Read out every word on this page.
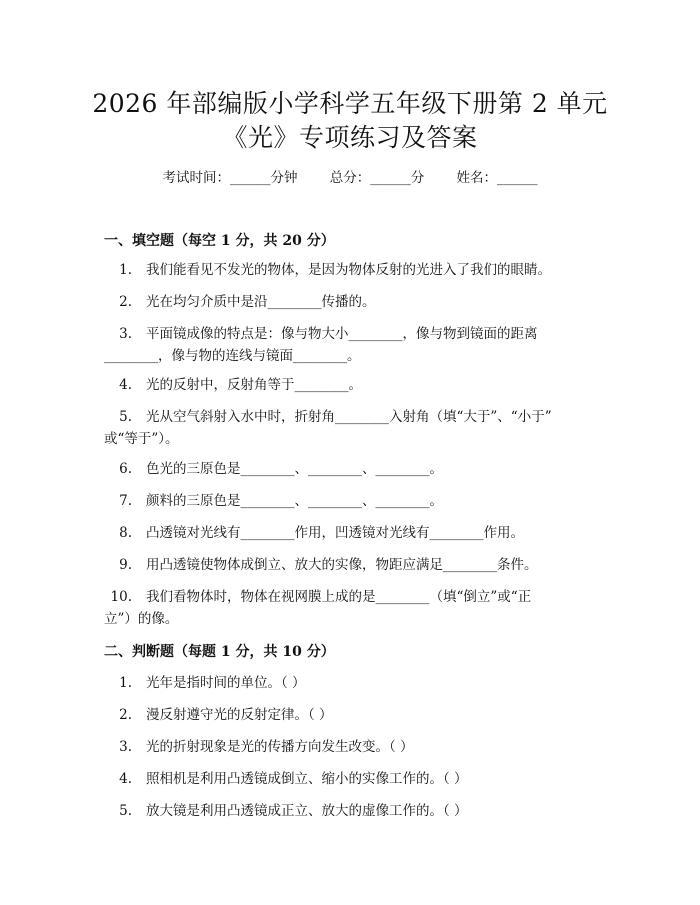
2026 年部编版小学科学五年级下册第 2 单元
《光》专项练习及答案
考试时间：______分钟 总分：______分 姓名：______
一、填空题（每空 1 分，共 20 分）
1. 我们能看见不发光的物体，是因为物体反射的光进入了我们的眼睛。
2. 光在均匀介质中是沿________传播的。
3. 平面镜成像的特点是：像与物大小________，像与物到镜面的距离
________，像与物的连线与镜面________。
4. 光的反射中，反射角等于________。
5. 光从空气斜射入水中时，折射角________入射角（填“大于”、“小于”
或“等于”）。
6. 色光的三原色是________、________、________。
7. 颜料的三原色是________、________、________。
8. 凸透镜对光线有________作用，凹透镜对光线有________作用。
9. 用凸透镜使物体成倒立、放大的实像，物距应满足________条件。
10. 我们看物体时，物体在视网膜上成的是________（填“倒立”或“正
立”）的像。
二、判断题（每题 1 分，共 10 分）
1. 光年是指时间的单位。（ ）
2. 漫反射遵守光的反射定律。（ ）
3. 光的折射现象是光的传播方向发生改变。（ ）
4. 照相机是利用凸透镜成倒立、缩小的实像工作的。（ ）
5. 放大镜是利用凸透镜成正立、放大的虚像工作的。（ ）
